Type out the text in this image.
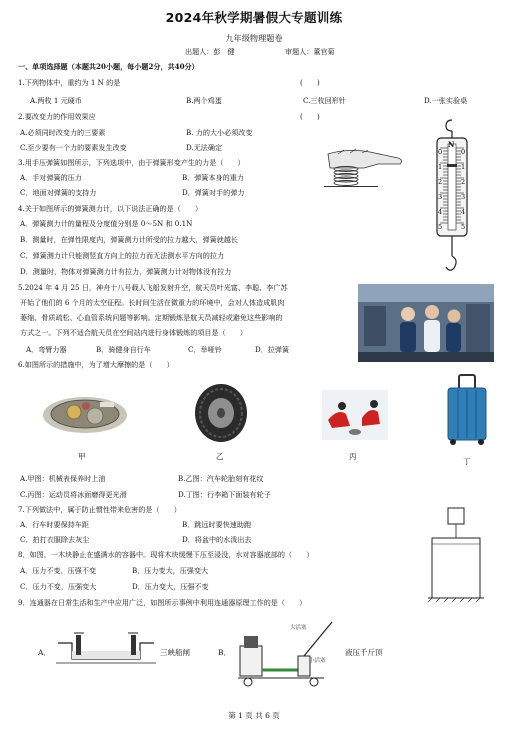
2024年秋学期暑假大专题训练
九年级物理题卷
出题人：彭　健	审题人：董官菊
一、单项选择题（本题共20小题，每小题2分，共40分）
1.下列物体中，重约为 1 N 的是	(　　)
A.两枚 1 元硬币	B.两个鸡蛋	C.三枚回形针	D.一张实验桌
2.要改变力的作用效果应	(　　)
A.必须同时改变力的三要素	B. 力的大小必须改变
C.至少要有一个力的要素发生改变	D.无法确定
3.用手压弹簧如图所示，下列选项中，由于弹簧形变产生的力是（　　）
A．手对弹簧的压力	B．弹簧本身的重力
C．地面对弹簧的支持力	D．弹簧对手的弹力
N
0
1
2
3
4
5
0
1
2
3
4
5
4.关于如图所示的弹簧测力计，以下说法正确的是（　　）
A．弹簧测力计的量程及分度值分别是 0～5N 和 0.1N
B．测量时，在弹性限度内，弹簧测力计所受的拉力越大，弹簧就越长
C．弹簧测力计只能测竖直方向上的拉力而无法测水平方向的拉力
D．测量时，物体对弹簧测力计有拉力，弹簧测力计对物体没有拉力
5.2024 年 4 月 25 日，神舟十八号载人飞船发射升空，航天员叶光富、李聪、李广苏
开始了他们的 6 个月的太空征程。长时间生活在微重力的环境中，会对人体造成肌肉
萎缩、骨质疏松、心血管系统问题等影响。定期锻炼是航天员减轻或避免这些影响的
方式之一。下列不适合航天员在空间站内进行身体锻炼的项目是（　　）
A．弯臂力器	B．骑健身自行车	C．举哑铃	D．拉弹簧
6.如图所示的措施中，为了增大摩擦的是（　　）
甲	乙	丙
丁
A.甲图：机械表保养时上油	B.乙图：汽车轮胎刻有花纹
C.丙图：运动员将冰面磨得更光滑	D.丁图：行李箱下面装有轮子
7.下列做法中，属于防止惯性带来危害的是（　　）
A．行车时要保持车距	B．跳远时要快速助跑
C．拍打衣服除去灰尘	D．将盆中的水泼出去
8．如图，一木块静止在盛满水的容器中。现将木块缓慢下压至浸没，水对容器底部的（　　）
A．压力不变，压强不变	B．压力变大，压强变大
C．压力不变，压强变大	D．压力变大，压强不变
9．连通器在日常生活和生产中应用广泛，如图所示事例中利用连通器原理工作的是（　　）
A．	三峡船闸	B．
大活塞
小活塞
液压千斤顶
第 1 页 共 6 页
